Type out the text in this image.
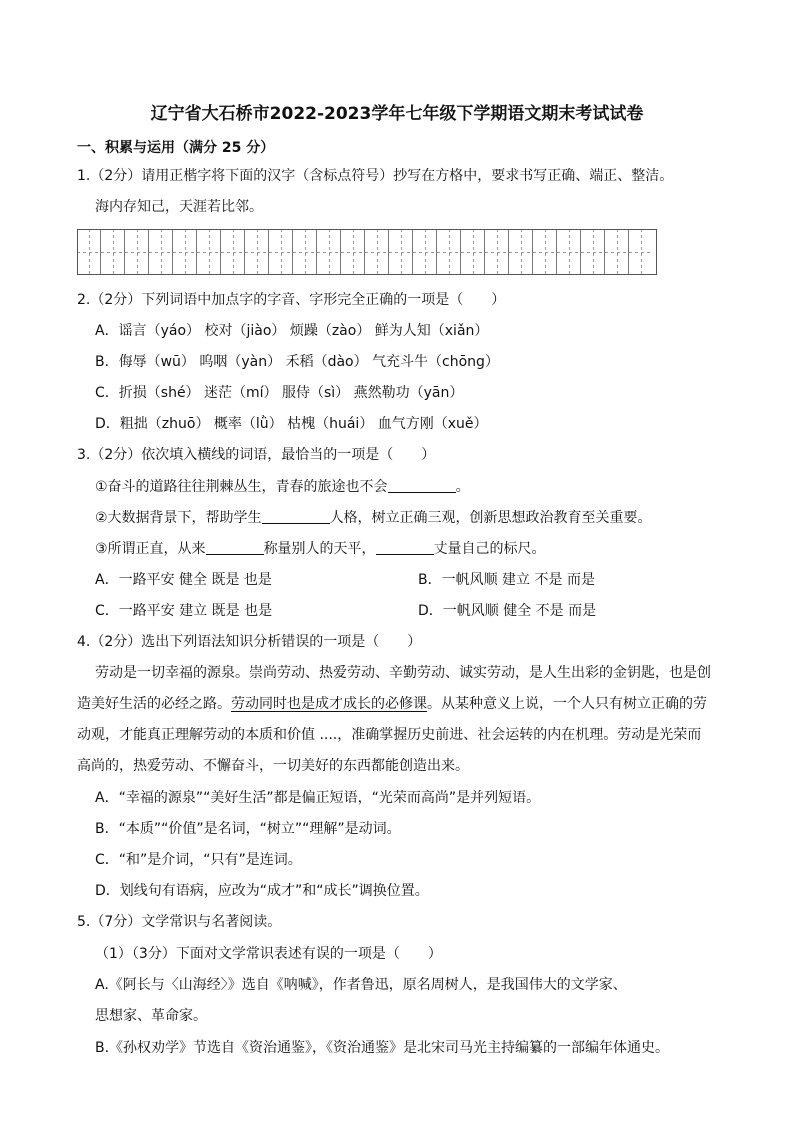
辽宁省大石桥市2022-2023学年七年级下学期语文期末考试试卷
一、积累与运用（满分 25 分）
1.（2分）请用正楷字将下面的汉字（含标点符号）抄写在方格中，要求书写正确、端正、整洁。
海内存知己，天涯若比邻。
2.（2分）下列词语中加点字的字音、字形完全正确的一项是（　　）
A．谣言（yáo） 校对（jiào） 烦躁（zào） 鲜为人知（xiǎn）
B．侮辱（wū） 呜咽（yàn） 禾稻（dào） 气充斗牛（chōng）
C．折损（shé） 迷茫（mí） 服侍（sì） 燕然勒功（yān）
D．粗拙（zhuō） 概率（lǜ） 枯槐（huái） 血气方刚（xuě）
3.（2分）依次填入横线的词语，最恰当的一项是（　　）
①奋斗的道路往往荆棘丛生，青春的旅途也不会	。
②大数据背景下，帮助学生	人格，树立正确三观，创新思想政治教育至关重要。
③所谓正直，从来	称量别人的天平，	丈量自己的标尺。
A．一路平安 健全 既是 也是	B．一帆风顺 建立 不是 而是
C．一路平安 建立 既是 也是	D．一帆风顺 健全 不是 而是
4.（2分）选出下列语法知识分析错误的一项是（　　）
劳动是一切幸福的源泉。崇尚劳动、热爱劳动、辛勤劳动、诚实劳动，是人生出彩的金钥匙，也是创
造美好生活的必经之路。劳动同时也是成才成长的必修课。从某种意义上说，一个人只有树立正确的劳
动观，才能真正理解劳动的本质和价值 ....，准确掌握历史前进、社会运转的内在机理。劳动是光荣而
高尚的，热爱劳动、不懈奋斗，一切美好的东西都能创造出来。
A．“幸福的源泉”“美好生活”都是偏正短语，“光荣而高尚”是并列短语。
B．“本质”“价值”是名词，“树立”“理解”是动词。
C．“和”是介词，“只有”是连词。
D．划线句有语病，应改为“成才”和“成长”调换位置。
5.（7分）文学常识与名著阅读。
（1）（3分）下面对文学常识表述有误的一项是（　　）
A.《阿长与〈山海经〉》选自《呐喊》，作者鲁迅，原名周树人，是我国伟大的文学家、
思想家、革命家。
B.《孙权劝学》节选自《资治通鉴》，《资治通鉴》是北宋司马光主持编纂的一部编年体通史。
